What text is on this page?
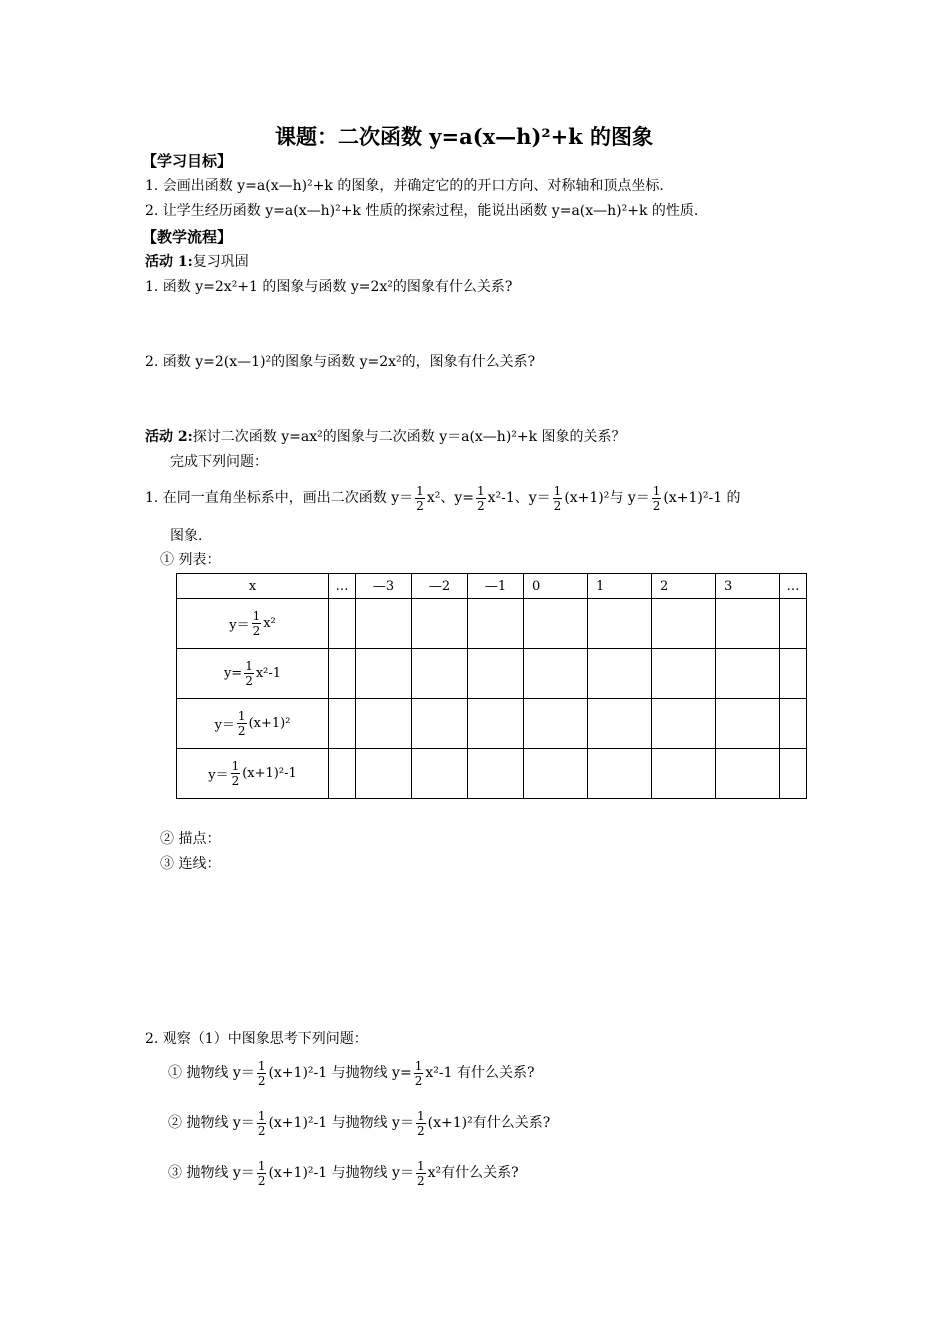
课题：二次函数 y=a(x—h)²+k 的图象
【学习目标】
1. 会画出函数 y=a(x—h)²+k 的图象，并确定它的的开口方向、对称轴和顶点坐标.
2. 让学生经历函数 y=a(x—h)²+k 性质的探索过程，能说出函数 y=a(x—h)²+k 的性质.
【教学流程】
活动 1:复习巩固
1. 函数 y=2x²+1 的图象与函数 y=2x²的图象有什么关系?
2. 函数 y=2(x—1)²的图象与函数 y=2x²的，图象有什么关系?
活动 2:探讨二次函数 y=ax²的图象与二次函数 y＝a(x—h)²+k 图象的关系？
完成下列问题：
1. 在同一直角坐标系中，画出二次函数 $y= \frac{1}{2} x^2$、$y= \frac{1}{2} x^2-1$、$y= \frac{1}{2} (x+1)^2$与 $y= \frac{1}{2} (x+1)^2-1$ 的
图象.
① 列表：
x	…	—3	—2	—1	0	1	2	3	…
$y= \frac{1}{2} x^2$									
$y= \frac{1}{2} x^2-1$									
$y= \frac{1}{2} (x+1)^2$									
$y= \frac{1}{2} (x+1)^2-1$									
② 描点：
③ 连线：
2. 观察（1）中图象思考下列问题：
① 抛物线 $y= \frac{1}{2} (x+1)^2-1$ 与抛物线 $y= \frac{1}{2} x^2-1$ 有什么关系?
② 抛物线 $y= \frac{1}{2} (x+1)^2-1$ 与抛物线 $y= \frac{1}{2} (x+1)^2$有什么关系?
③ 抛物线 $y= \frac{1}{2} (x+1)^2-1$ 与抛物线 $y= \frac{1}{2} x^2$有什么关系?
